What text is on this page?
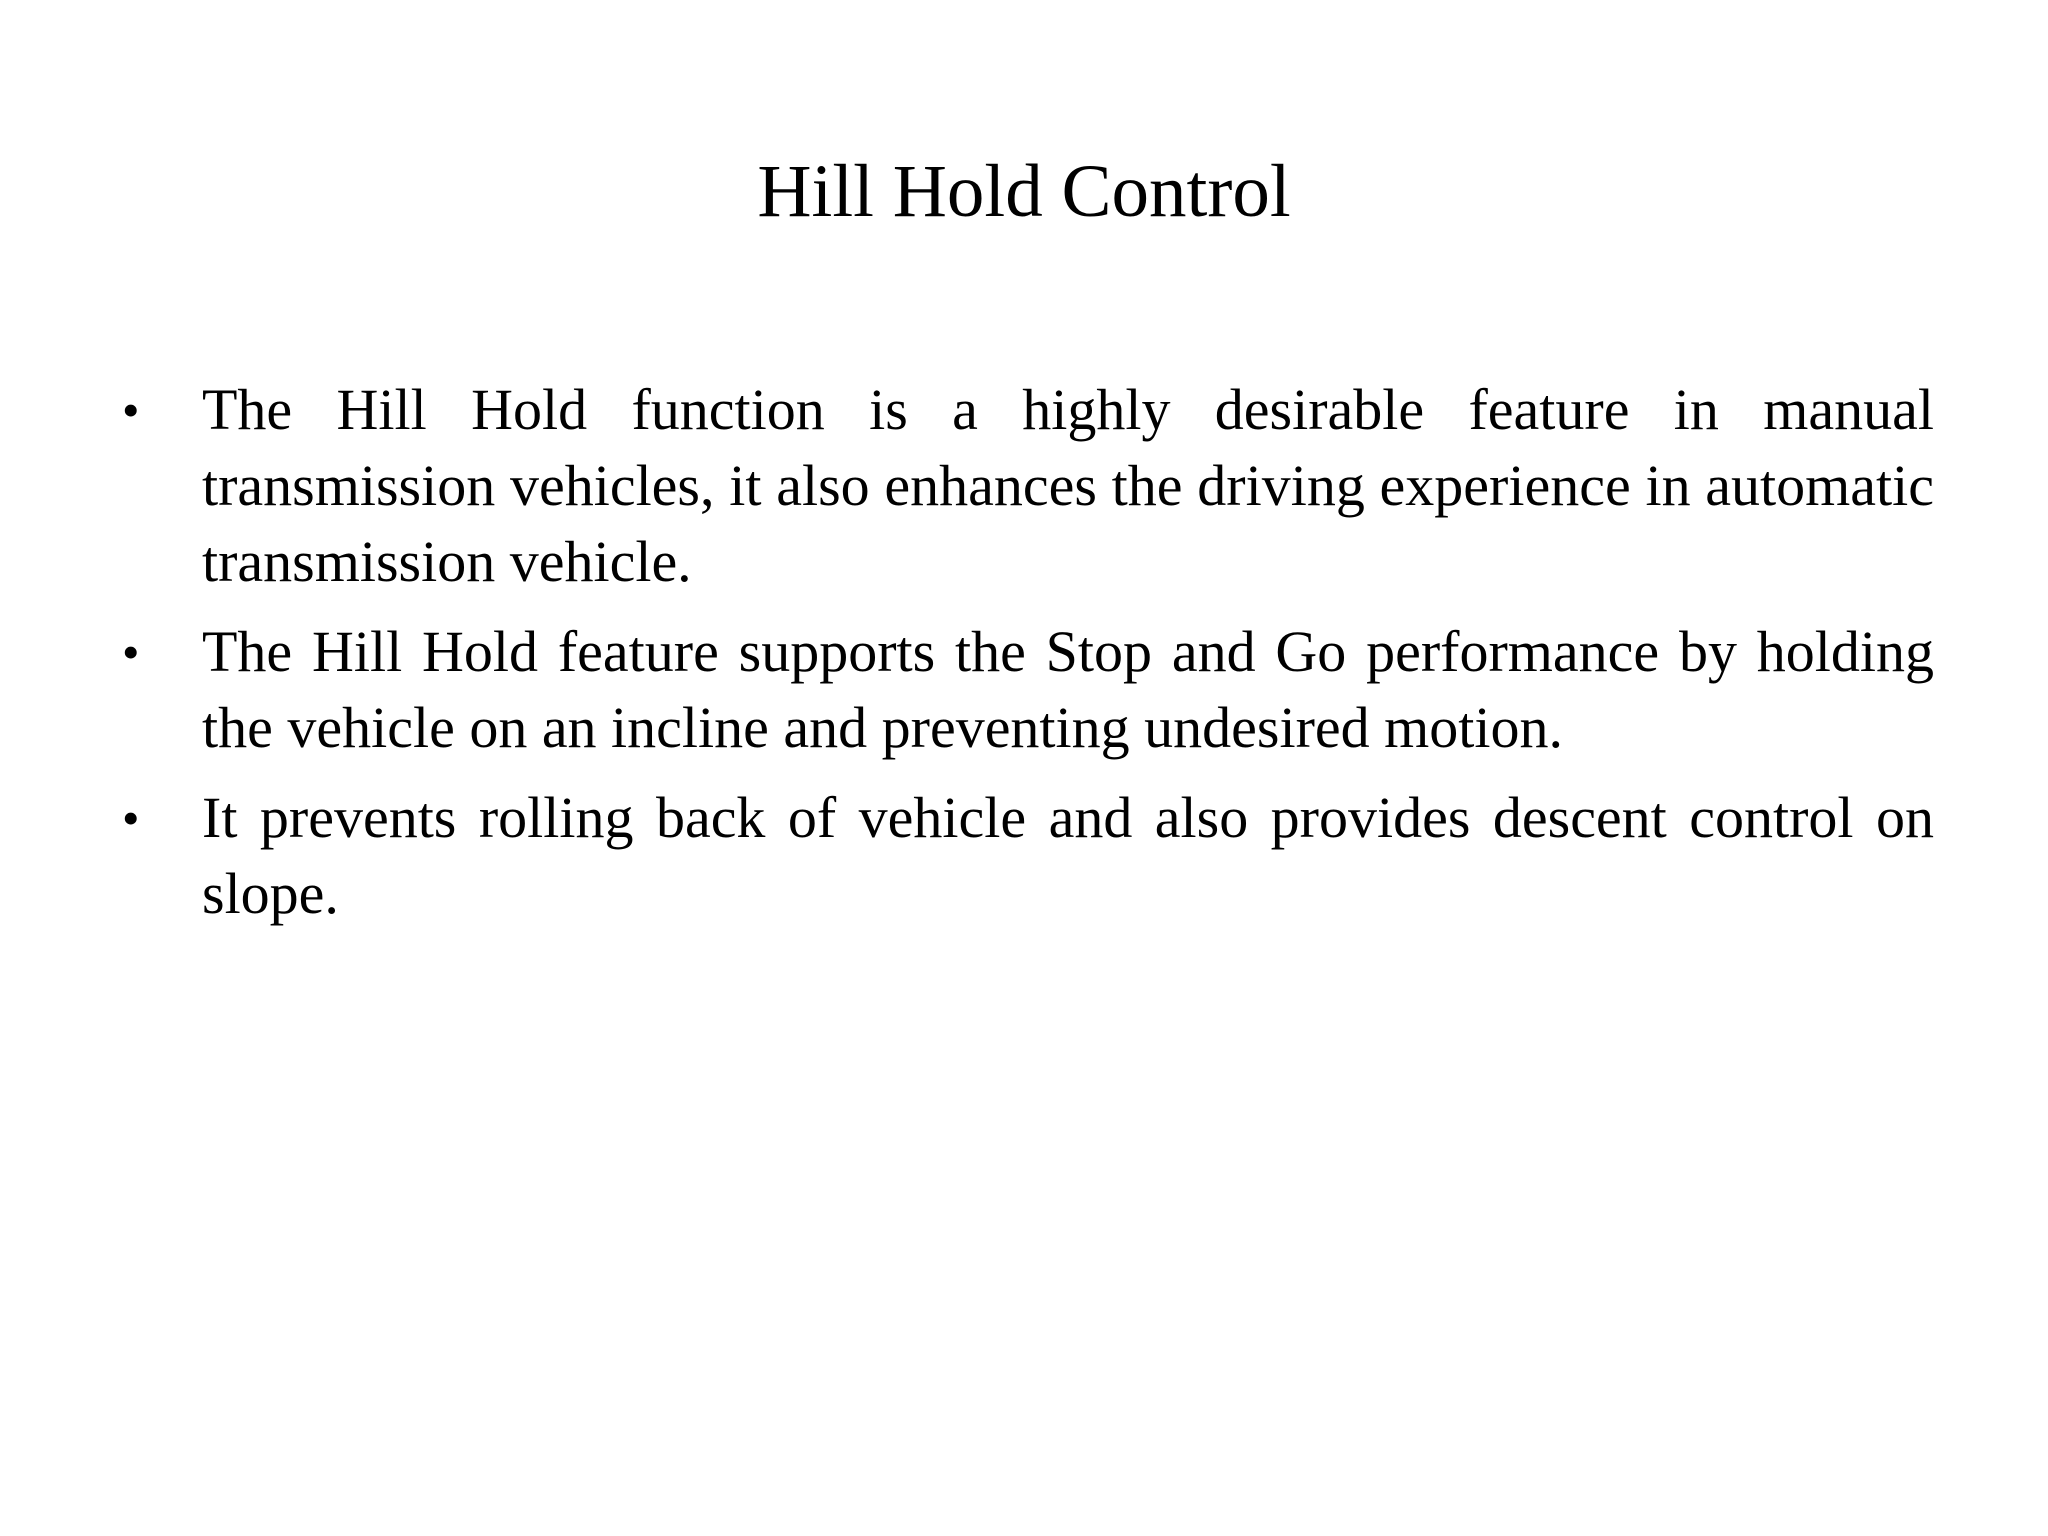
Hill Hold Control
•	The Hill Hold function is a highly desirable feature in manual transmission vehicles, it also enhances the driving experience in automatic transmission vehicle.
•	The Hill Hold feature supports the Stop and Go performance by holding the vehicle on an incline and preventing undesired motion.
•	It prevents rolling back of vehicle and also provides descent control on slope.
